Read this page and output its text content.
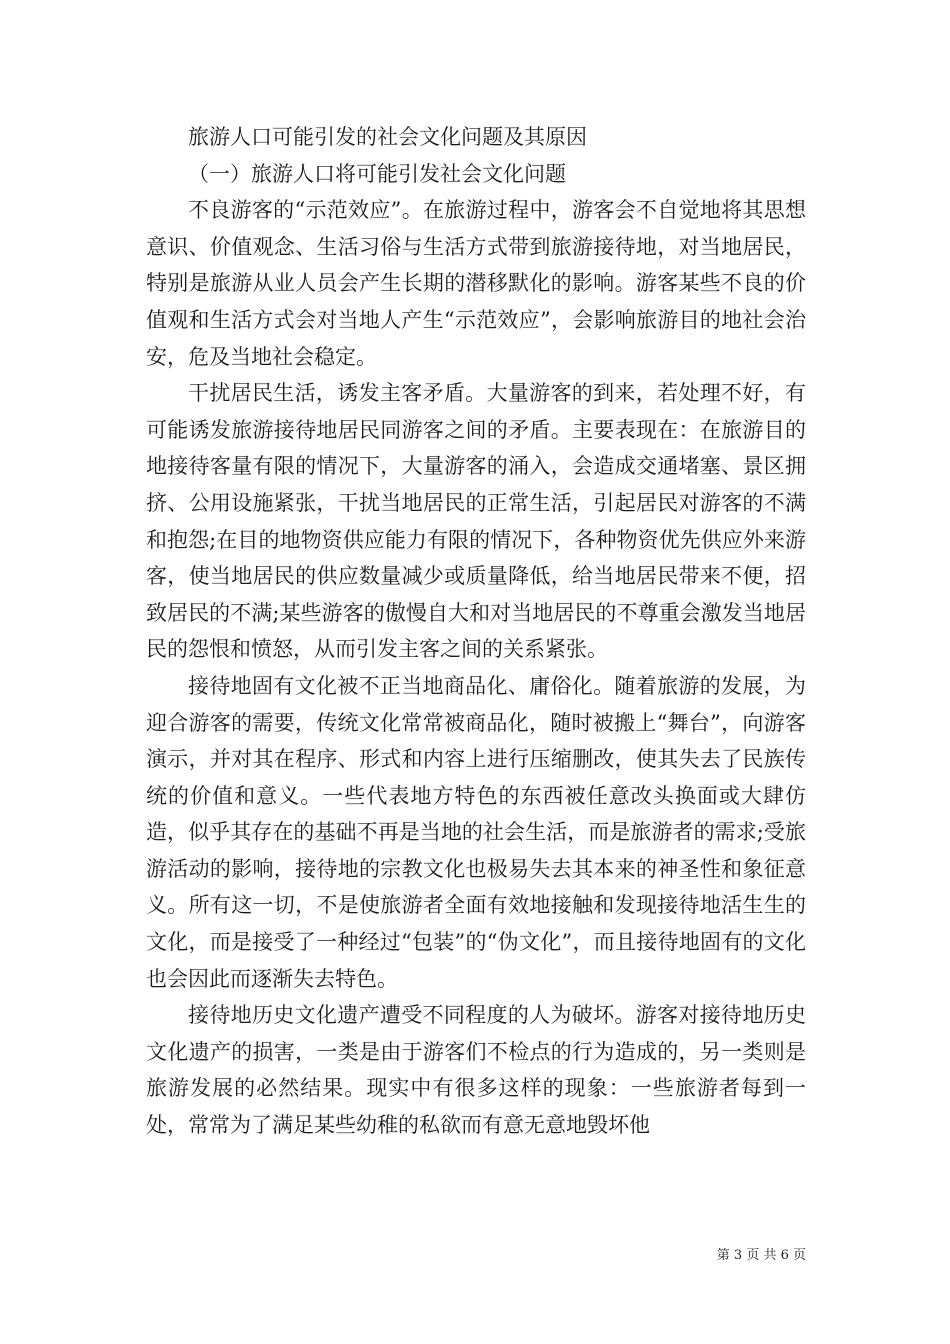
旅游人口可能引发的社会文化问题及其原因

（一）旅游人口将可能引发社会文化问题

不良游客的“示范效应”。在旅游过程中，游客会不自觉地将其思想意识、价值观念、生活习俗与生活方式带到旅游接待地，对当地居民，特别是旅游从业人员会产生长期的潜移默化的影响。游客某些不良的价值观和生活方式会对当地人产生“示范效应”，会影响旅游目的地社会治安，危及当地社会稳定。

干扰居民生活，诱发主客矛盾。大量游客的到来，若处理不好，有可能诱发旅游接待地居民同游客之间的矛盾。主要表现在：在旅游目的地接待客量有限的情况下，大量游客的涌入，会造成交通堵塞、景区拥挤、公用设施紧张，干扰当地居民的正常生活，引起居民对游客的不满和抱怨;在目的地物资供应能力有限的情况下，各种物资优先供应外来游客，使当地居民的供应数量减少或质量降低，给当地居民带来不便，招致居民的不满;某些游客的傲慢自大和对当地居民的不尊重会激发当地居民的怨恨和愤怒，从而引发主客之间的关系紧张。

接待地固有文化被不正当地商品化、庸俗化。随着旅游的发展，为迎合游客的需要，传统文化常常被商品化，随时被搬上“舞台”，向游客演示，并对其在程序、形式和内容上进行压缩删改，使其失去了民族传统的价值和意义。一些代表地方特色的东西被任意改头换面或大肆仿造，似乎其存在的基础不再是当地的社会生活，而是旅游者的需求;受旅游活动的影响，接待地的宗教文化也极易失去其本来的神圣性和象征意义。所有这一切，不是使旅游者全面有效地接触和发现接待地活生生的文化，而是接受了一种经过“包装”的“伪文化”，而且接待地固有的文化也会因此而逐渐失去特色。

接待地历史文化遗产遭受不同程度的人为破坏。游客对接待地历史文化遗产的损害，一类是由于游客们不检点的行为造成的，另一类则是旅游发展的必然结果。现实中有很多这样的现象：一些旅游者每到一处，常常为了满足某些幼稚的私欲而有意无意地毁坏他

第 3 页 共 6 页
